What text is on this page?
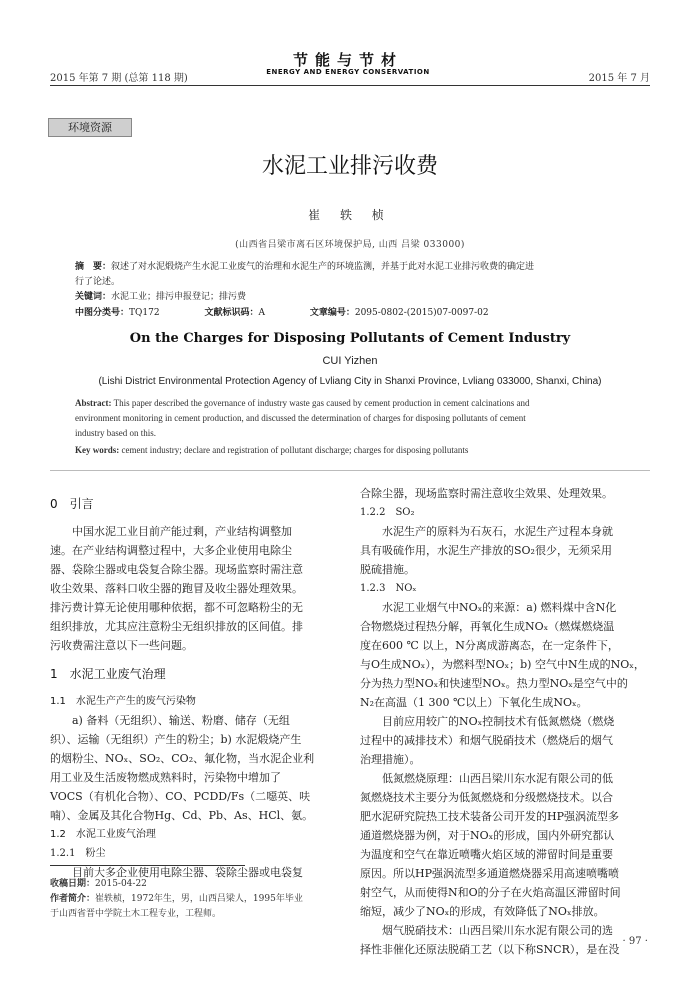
2015 年第 7 期 (总第 118 期)
节能与节材
ENERGY AND ENERGY CONSERVATION
2015 年 7 月
环境资源
水泥工业排污收费
崔 轶 桢
(山西省吕梁市离石区环境保护局, 山西 吕梁 033000)
摘　要：叙述了对水泥煅烧产生水泥工业废气的治理和水泥生产的环境监测，并基于此对水泥工业排污收费的确定进
行了论述。
关键词：水泥工业；排污申报登记；排污费
中图分类号：TQ172	文献标识码：A	文章编号：2095-0802-(2015)07-0097-02
On the Charges for Disposing Pollutants of Cement Industry
CUI Yizhen
(Lishi District Environmental Protection Agency of Lvliang City in Shanxi Province, Lvliang 033000, Shanxi, China)
Abstract: This paper described the governance of industry waste gas caused by cement production in cement calcinations and
environment monitoring in cement production, and discussed the determination of charges for disposing pollutants of cement
industry based on this.
Key words: cement industry; declare and registration of pollutant discharge; charges for disposing pollutants
0　引言

中国水泥工业目前产能过剩，产业结构调整加

速。在产业结构调整过程中，大多企业使用电除尘

器、袋除尘器或电袋复合除尘器。现场监察时需注意

收尘效果、落料口收尘器的跑冒及收尘器处理效果。

排污费计算无论使用哪种依据，都不可忽略粉尘的无

组织排放，尤其应注意粉尘无组织排放的区间值。排

污收费需注意以下一些问题。

1　水泥工业废气治理
1.1　水泥生产产生的废气污染物

a) 备料（无组织）、输送、粉磨、储存（无组

织）、运输（无组织）产生的粉尘；b) 水泥煅烧产生

的烟粉尘、NOₓ、SO₂、CO₂、氟化物，当水泥企业利

用工业及生活废物燃成熟料时，污染物中增加了

VOCS（有机化合物）、CO、PCDD/Fs（二噁英、呋

喃）、金属及其化合物Hg、Cd、Pb、As、HCl、氨。

1.2　水泥工业废气治理
1.2.1　粉尘

目前大多企业使用电除尘器、袋除尘器或电袋复

收稿日期：2015-04-22
作者简介：崔轶桢，1972年生，男，山西吕梁人，1995年毕业
于山西省晋中学院土木工程专业，工程师。

合除尘器，现场监察时需注意收尘效果、处理效果。

1.2.2　SO₂

水泥生产的原料为石灰石，水泥生产过程本身就

具有吸硫作用，水泥生产排放的SO₂很少，无须采用

脱硫措施。

1.2.3　NOₓ

水泥工业烟气中NOₓ的来源：a) 燃料煤中含N化

合物燃烧过程热分解，再氧化生成NOₓ（燃煤燃烧温

度在600 ℃ 以上，N分离成游离态，在一定条件下，

与O生成NOₓ），为燃料型NOₓ；b) 空气中N生成的NOₓ，

分为热力型NOₓ和快速型NOₓ。热力型NOₓ是空气中的

N₂在高温（1 300 ℃以上）下氧化生成NOₓ。

目前应用较广的NOₓ控制技术有低氮燃烧（燃烧

过程中的减排技术）和烟气脱硝技术（燃烧后的烟气

治理措施）。

低氮燃烧原理：山西吕梁川东水泥有限公司的低

氮燃烧技术主要分为低氮燃烧和分级燃烧技术。以合

肥水泥研究院热工技术装备公司开发的HP强涡流型多

通道燃烧器为例，对于NOₓ的形成，国内外研究都认

为温度和空气在靠近喷嘴火焰区域的滞留时间是重要

原因。所以HP强涡流型多通道燃烧器采用高速喷嘴喷

射空气，从而使得N和O的分子在火焰高温区滞留时间

缩短，减少了NOₓ的形成，有效降低了NOₓ排放。

烟气脱硝技术：山西吕梁川东水泥有限公司的选

择性非催化还原法脱硝工艺（以下称SNCR），是在没

· 97 ·
